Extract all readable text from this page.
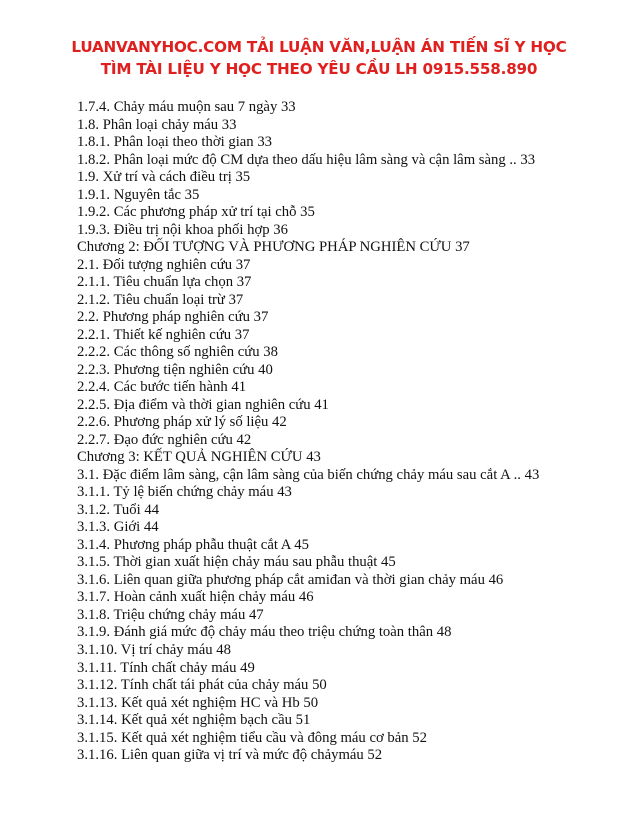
LUANVANYHOC.COM TẢI LUẬN VĂN,LUẬN ÁN TIẾN SĨ Y HỌC
TÌM TÀI LIỆU Y HỌC THEO YÊU CẦU LH 0915.558.890
1.7.4. Chảy máu muộn sau 7 ngày 33
1.8. Phân loại chảy máu 33
1.8.1. Phân loại theo thời gian 33
1.8.2. Phân loại mức độ CM dựa theo dấu hiệu lâm sàng và cận lâm sàng .. 33
1.9. Xử trí và cách điều trị 35
1.9.1. Nguyên tắc 35
1.9.2. Các phương pháp xử trí tại chỗ 35
1.9.3. Điều trị nội khoa phối hợp 36
Chương 2: ĐỐI TƯỢNG VÀ PHƯƠNG PHÁP NGHIÊN CỨU 37
2.1. Đối tượng nghiên cứu 37
2.1.1. Tiêu chuẩn lựa chọn 37
2.1.2. Tiêu chuẩn loại trừ 37
2.2. Phương pháp nghiên cứu 37
2.2.1. Thiết kế nghiên cứu 37
2.2.2. Các thông số nghiên cứu 38
2.2.3. Phương tiện nghiên cứu 40
2.2.4. Các bước tiến hành 41
2.2.5. Địa điểm và thời gian nghiên cứu 41
2.2.6. Phương pháp xử lý số liệu 42
2.2.7. Đạo đức nghiên cứu 42
Chương 3: KẾT QUẢ NGHIÊN CỨU 43
3.1. Đặc điểm lâm sàng, cận lâm sàng của biến chứng chảy máu sau cắt A .. 43
3.1.1. Tỷ lệ biến chứng chảy máu 43
3.1.2. Tuổi 44
3.1.3. Giới 44
3.1.4. Phương pháp phẫu thuật cắt A 45
3.1.5. Thời gian xuất hiện chảy máu sau phẫu thuật 45
3.1.6. Liên quan giữa phương pháp cắt amiđan và thời gian chảy máu 46
3.1.7. Hoàn cảnh xuất hiện chảy máu 46
3.1.8. Triệu chứng chảy máu 47
3.1.9. Đánh giá mức độ chảy máu theo triệu chứng toàn thân 48
3.1.10. Vị trí chảy máu 48
3.1.11. Tính chất chảy máu 49
3.1.12. Tính chất tái phát của chảy máu 50
3.1.13. Kết quả xét nghiệm HC và Hb 50
3.1.14. Kết quả xét nghiệm bạch cầu 51
3.1.15. Kết quả xét nghiệm tiểu cầu và đông máu cơ bản 52
3.1.16. Liên quan giữa vị trí và mức độ chảymáu 52
